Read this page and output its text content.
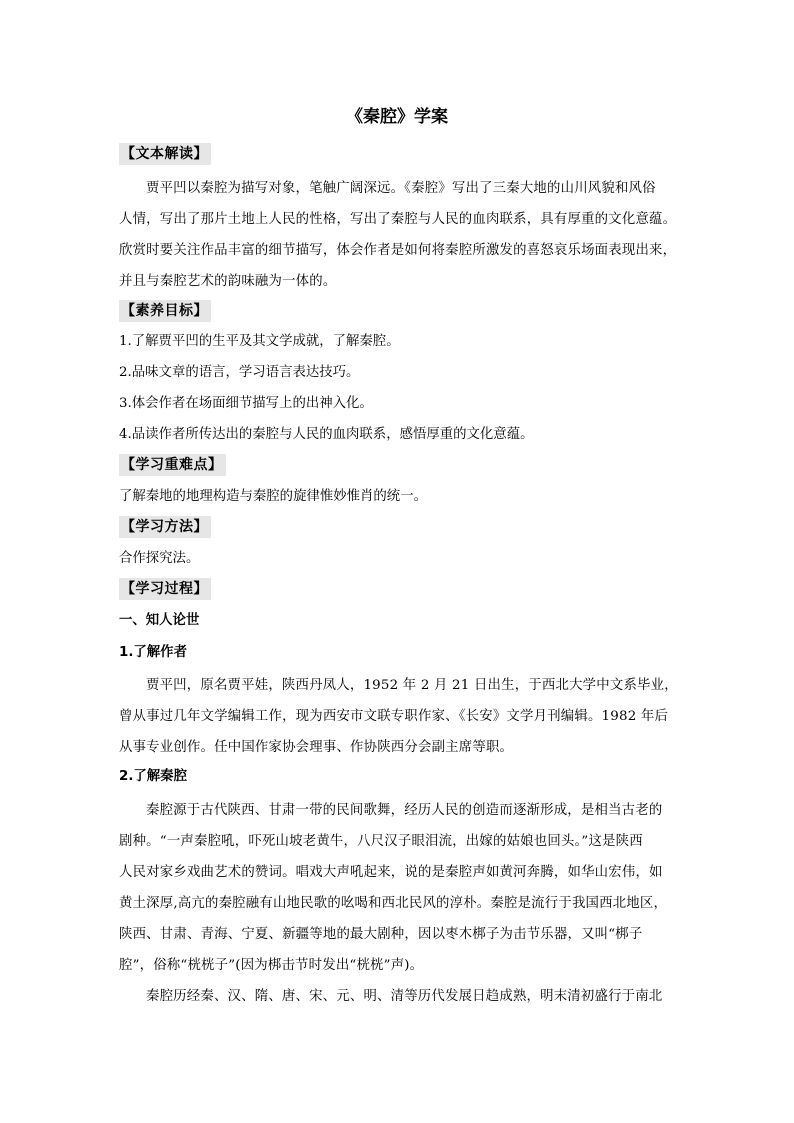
《秦腔》学案
【文本解读】
贾平凹以秦腔为描写对象，笔触广阔深远。《秦腔》写出了三秦大地的山川风貌和风俗
人情，写出了那片土地上人民的性格，写出了秦腔与人民的血肉联系，具有厚重的文化意蕴。
欣赏时要关注作品丰富的细节描写，体会作者是如何将秦腔所激发的喜怒哀乐场面表现出来，
并且与秦腔艺术的韵味融为一体的。
【素养目标】

1.了解贾平凹的生平及其文学成就，了解秦腔。

2.品味文章的语言，学习语言表达技巧。

3.体会作者在场面细节描写上的出神入化。

4.品读作者所传达出的秦腔与人民的血肉联系，感悟厚重的文化意蕴。

【学习重难点】

了解秦地的地理构造与秦腔的旋律惟妙惟肖的统一。

【学习方法】

合作探究法。

【学习过程】

一、知人论世

1.了解作者

贾平凹，原名贾平娃，陕西丹凤人，1952 年 2 月 21 日出生，于西北大学中文系毕业，
曾从事过几年文学编辑工作，现为西安市文联专职作家、《长安》文学月刊编辑。1982 年后
从事专业创作。任中国作家协会理事、作协陕西分会副主席等职。

2.了解秦腔

秦腔源于古代陕西、甘肃一带的民间歌舞，经历人民的创造而逐渐形成，是相当古老的
剧种。“一声秦腔吼，吓死山坡老黄牛，八尺汉子眼泪流，出嫁的姑娘也回头。”这是陕西
人民对家乡戏曲艺术的赞词。唱戏大声吼起来，说的是秦腔声如黄河奔腾，如华山宏伟，如
黄土深厚,高亢的秦腔融有山地民歌的吆喝和西北民风的淳朴。秦腔是流行于我国西北地区，
陕西、甘肃、青海、宁夏、新疆等地的最大剧种，因以枣木梆子为击节乐器，又叫“梆子
腔”，俗称“桄桄子”(因为梆击节时发出“桄桄”声)。
秦腔历经秦、汉、隋、唐、宋、元、明、清等历代发展日趋成熟，明末清初盛行于南北
